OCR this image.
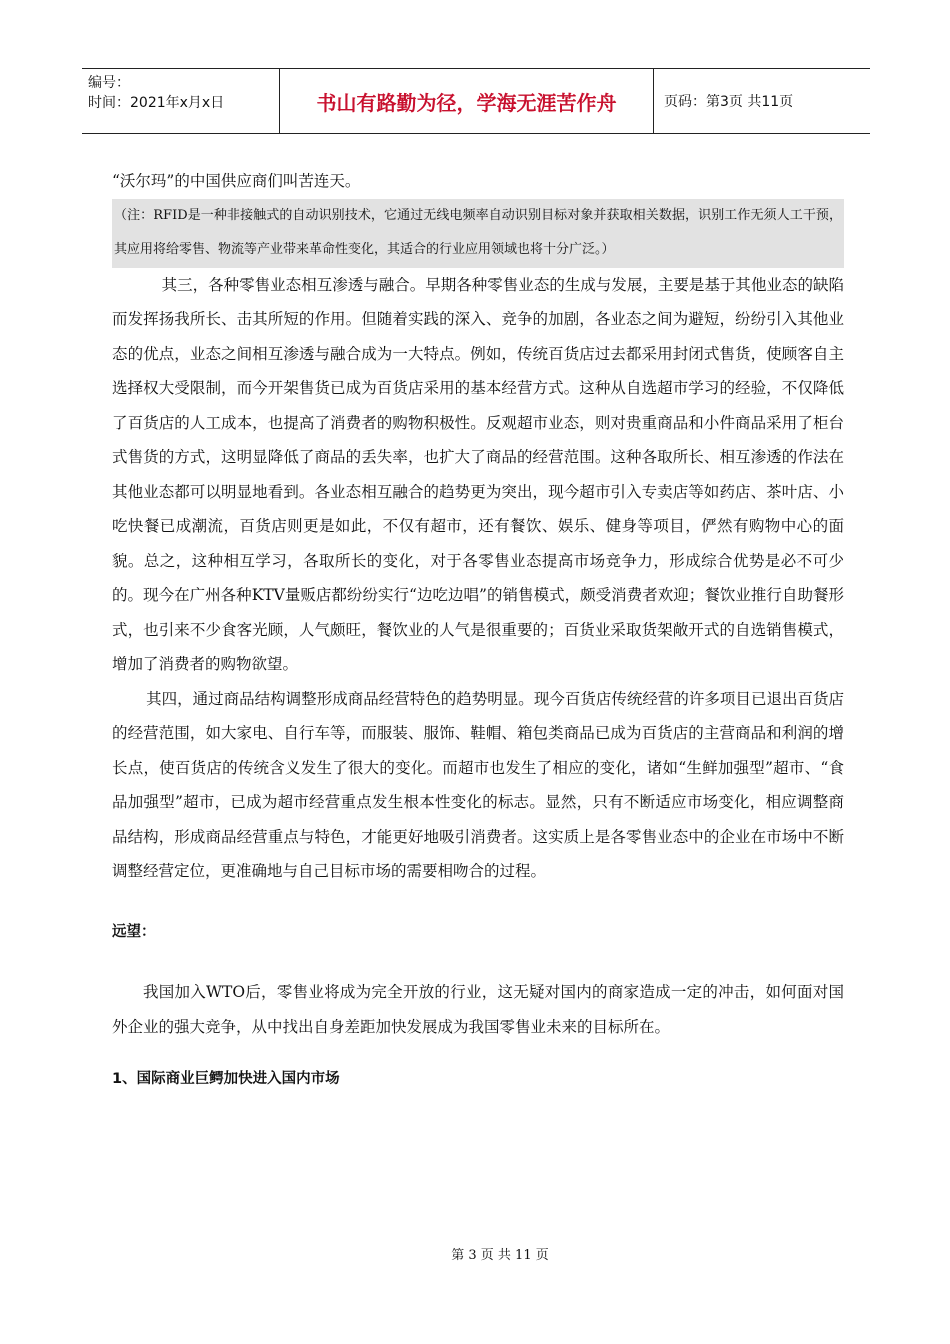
编号：
时间：2021年x月x日	书山有路勤为径，学海无涯苦作舟	页码：第3页 共11页

“沃尔玛”的中国供应商们叫苦连天。

（注：RFID是一种非接触式的自动识别技术，它通过无线电频率自动识别目标对象并获取相关数据，识别工作无须人工干预，其应用将给零售、物流等产业带来革命性变化，其适合的行业应用领域也将十分广泛。）

其三，各种零售业态相互渗透与融合。早期各种零售业态的生成与发展，主要是基于其他业态的缺陷而发挥扬我所长、击其所短的作用。但随着实践的深入、竞争的加剧，各业态之间为避短，纷纷引入其他业态的优点，业态之间相互渗透与融合成为一大特点。例如，传统百货店过去都采用封闭式售货，使顾客自主选择权大受限制，而今开架售货已成为百货店采用的基本经营方式。这种从自选超市学习的经验，不仅降低了百货店的人工成本，也提高了消费者的购物积极性。反观超市业态，则对贵重商品和小件商品采用了柜台式售货的方式，这明显降低了商品的丢失率，也扩大了商品的经营范围。这种各取所长、相互渗透的作法在其他业态都可以明显地看到。各业态相互融合的趋势更为突出，现今超市引入专卖店等如药店、茶叶店、小吃快餐已成潮流，百货店则更是如此，不仅有超市，还有餐饮、娱乐、健身等项目，俨然有购物中心的面貌。总之，这种相互学习，各取所长的变化，对于各零售业态提高市场竞争力，形成综合优势是必不可少的。现今在广州各种KTV量贩店都纷纷实行“边吃边唱”的销售模式，颇受消费者欢迎；餐饮业推行自助餐形式，也引来不少食客光顾，人气颇旺，餐饮业的人气是很重要的；百货业采取货架敞开式的自选销售模式，增加了消费者的购物欲望。

其四，通过商品结构调整形成商品经营特色的趋势明显。现今百货店传统经营的许多项目已退出百货店的经营范围，如大家电、自行车等，而服装、服饰、鞋帽、箱包类商品已成为百货店的主营商品和利润的增长点，使百货店的传统含义发生了很大的变化。而超市也发生了相应的变化，诸如“生鲜加强型”超市、“食品加强型”超市，已成为超市经营重点发生根本性变化的标志。显然，只有不断适应市场变化，相应调整商品结构，形成商品经营重点与特色，才能更好地吸引消费者。这实质上是各零售业态中的企业在市场中不断调整经营定位，更准确地与自己目标市场的需要相吻合的过程。

远望：

我国加入WTO后，零售业将成为完全开放的行业，这无疑对国内的商家造成一定的冲击，如何面对国外企业的强大竞争，从中找出自身差距加快发展成为我国零售业未来的目标所在。

1、国际商业巨鳄加快进入国内市场

第 3 页 共 11 页
